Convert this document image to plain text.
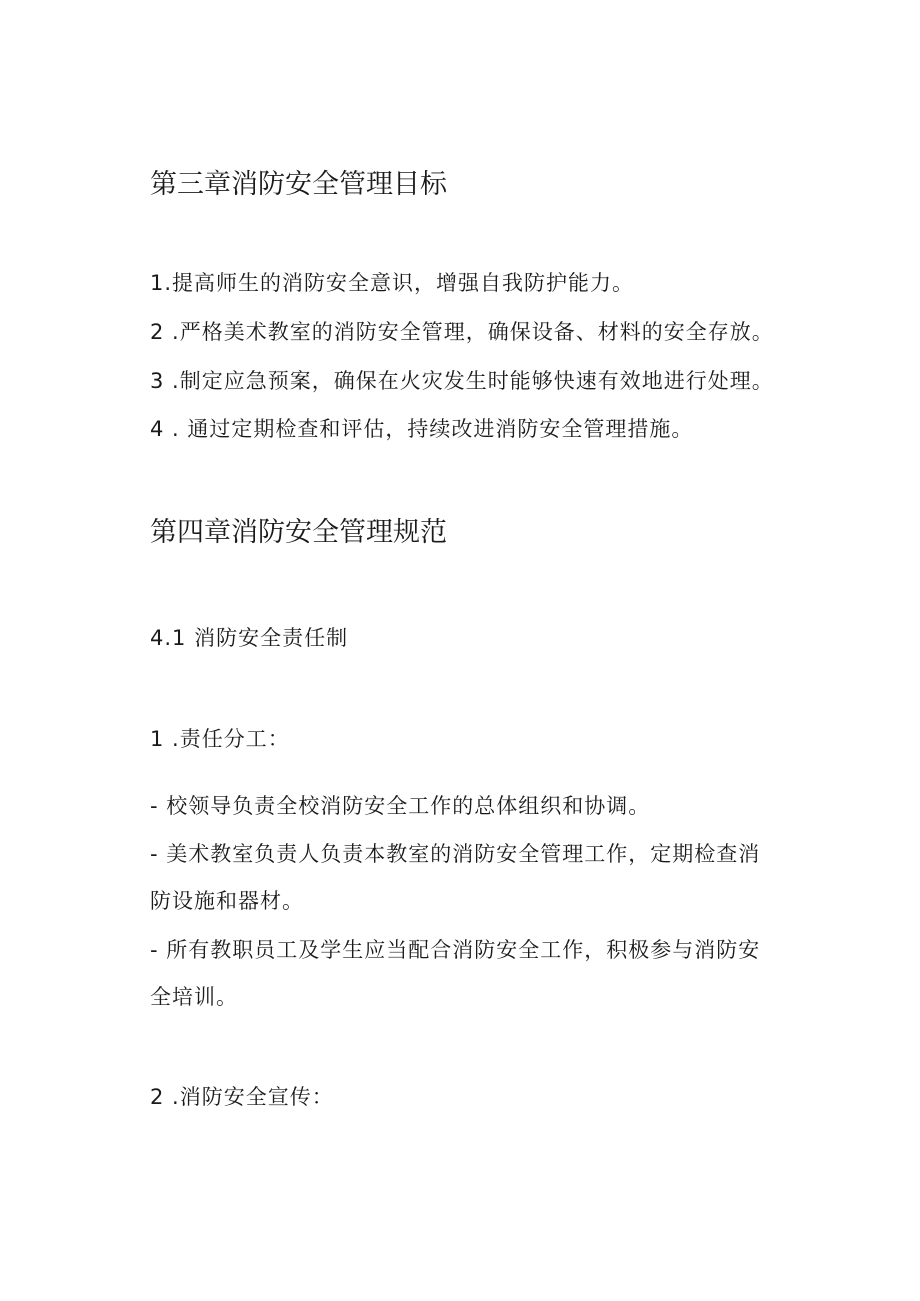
第三章消防安全管理目标
1.提高师生的消防安全意识，增强自我防护能力。
2 .严格美术教室的消防安全管理，确保设备、材料的安全存放。
3 .制定应急预案，确保在火灾发生时能够快速有效地进行处理。
4 . 通过定期检查和评估，持续改进消防安全管理措施。
第四章消防安全管理规范
4.1 消防安全责任制
1 .责任分工：
- 校领导负责全校消防安全工作的总体组织和协调。
- 美术教室负责人负责本教室的消防安全管理工作，定期检查消
防设施和器材。
- 所有教职员工及学生应当配合消防安全工作，积极参与消防安
全培训。
2 .消防安全宣传：
